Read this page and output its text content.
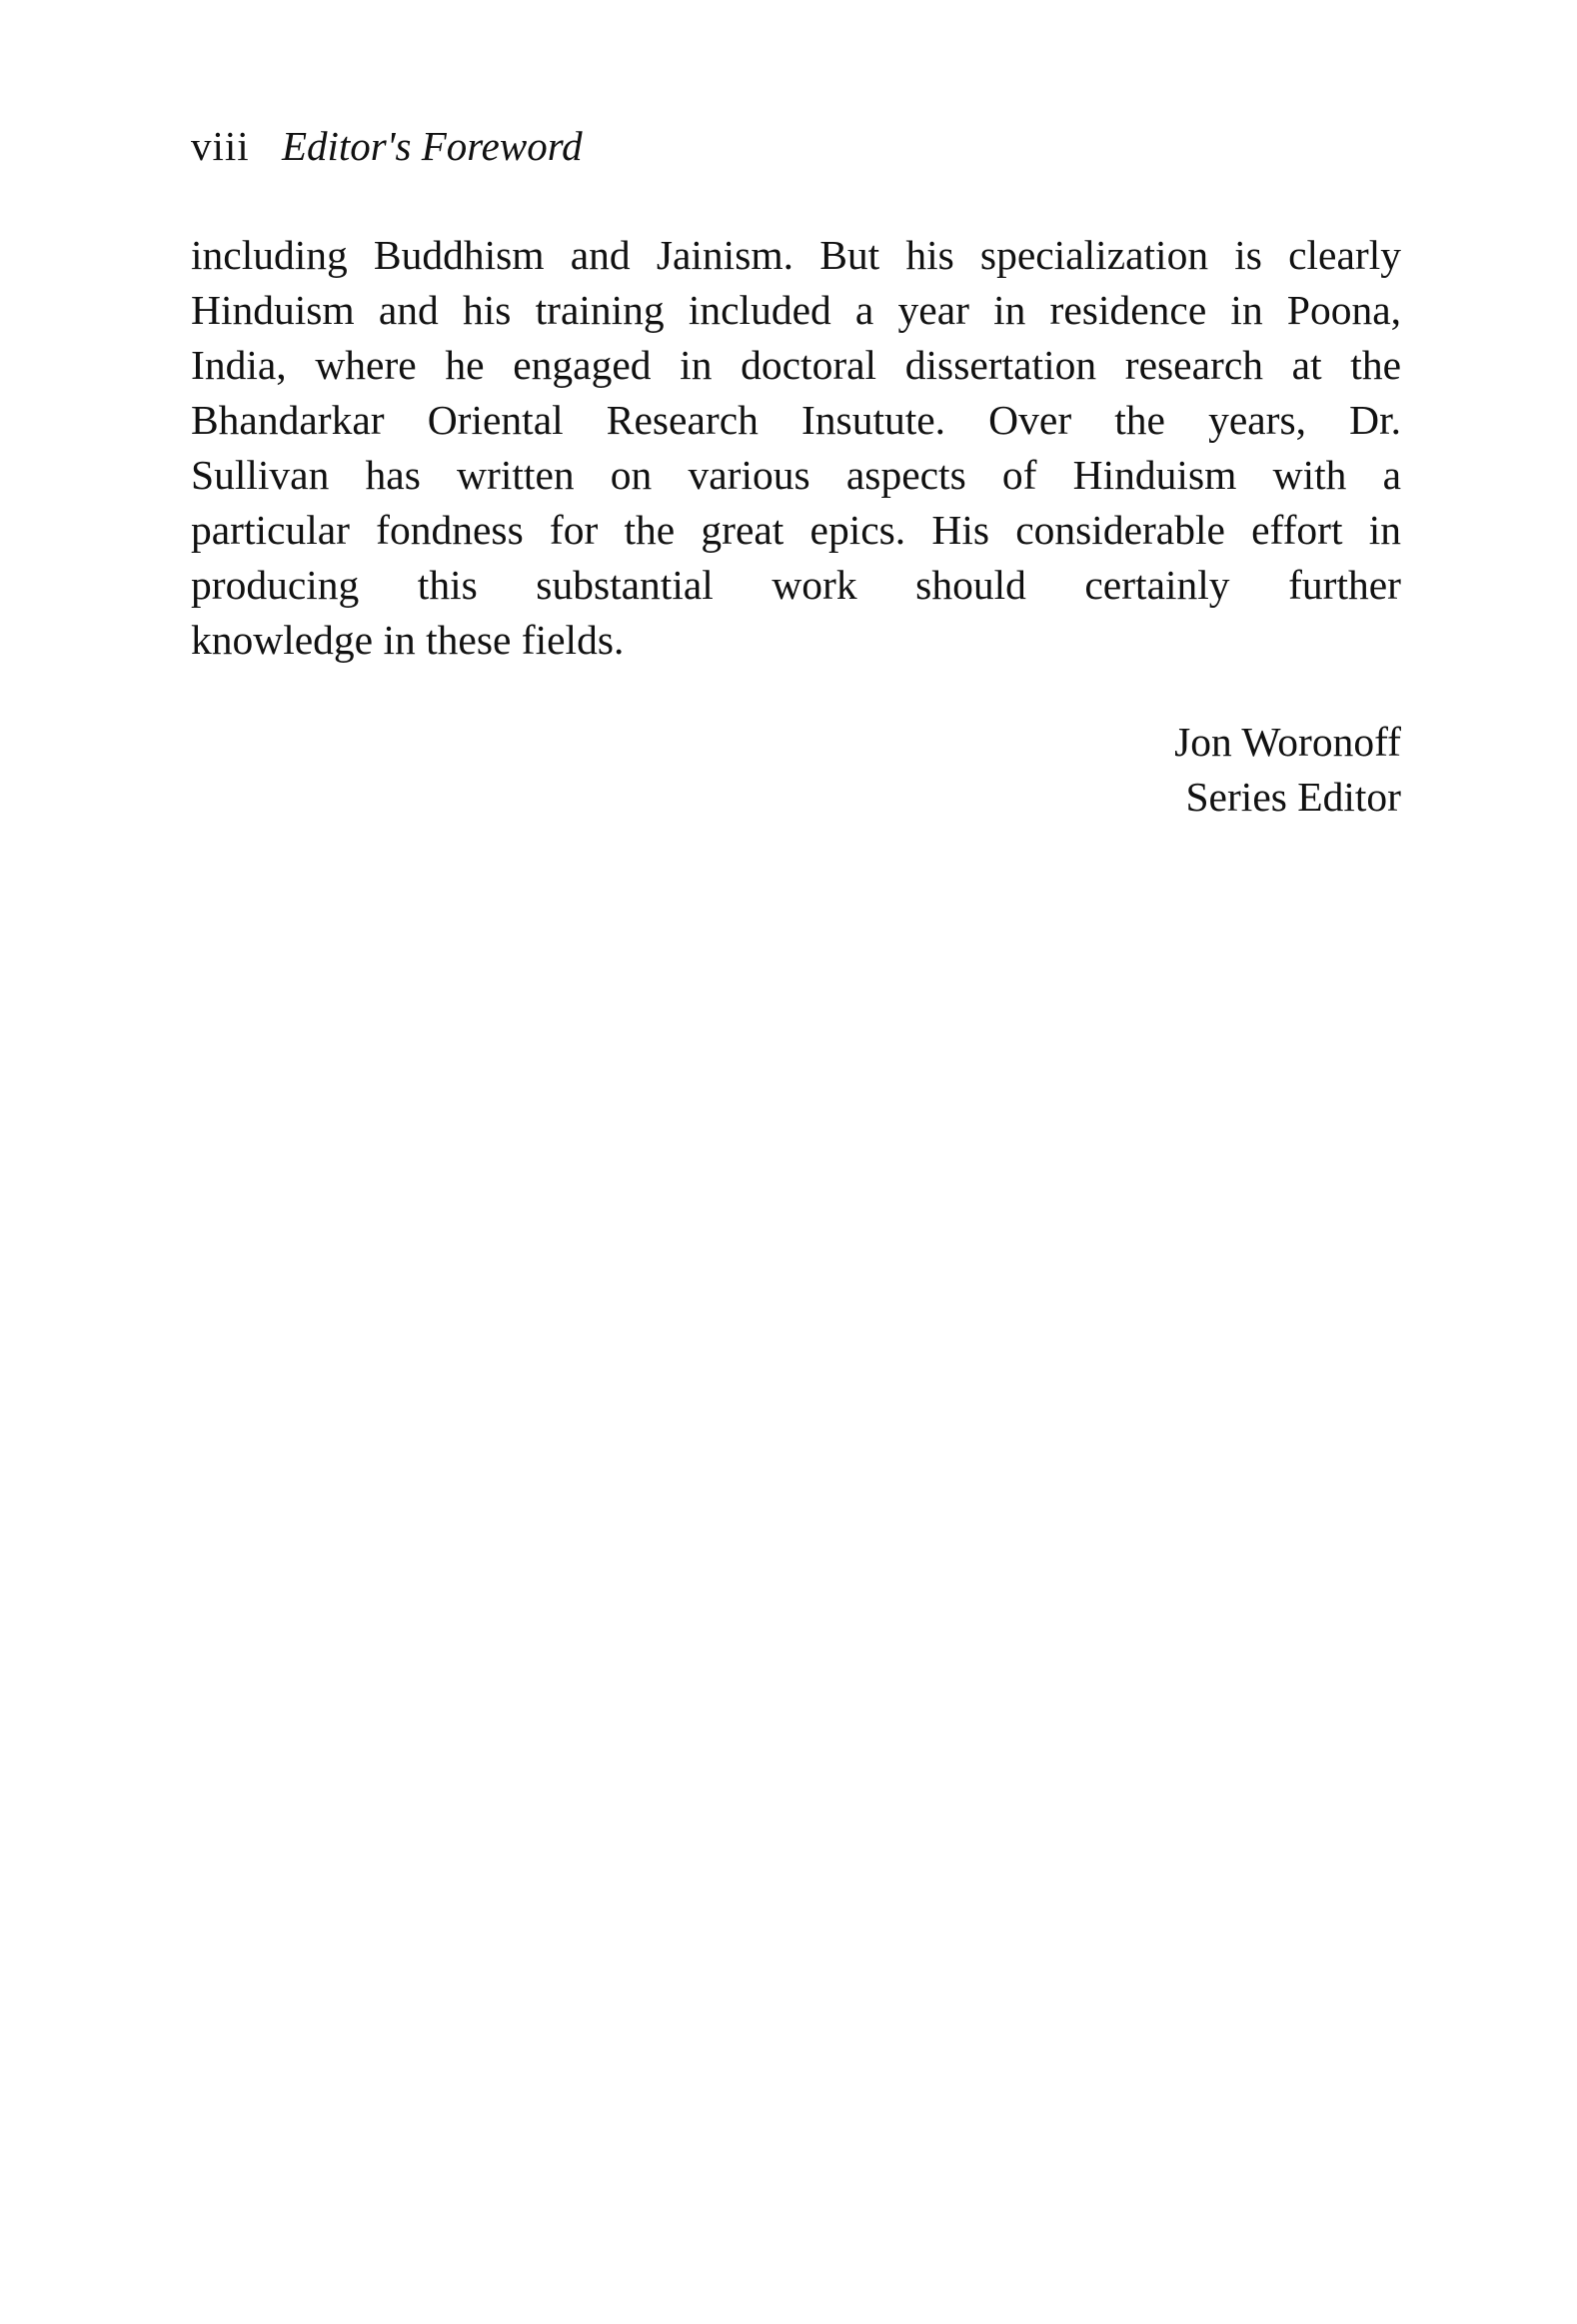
viii Editor's Foreword
including Buddhism and Jainism. But his specialization is clearly
Hinduism and his training included a year in residence in Poona,
India, where he engaged in doctoral dissertation research at the
Bhandarkar Oriental Research Insutute. Over the years, Dr.
Sullivan has written on various aspects of Hinduism with a
particular fondness for the great epics. His considerable effort in
producing this substantial work should certainly further
knowledge in these fields.
Jon Woronoff
Series Editor
